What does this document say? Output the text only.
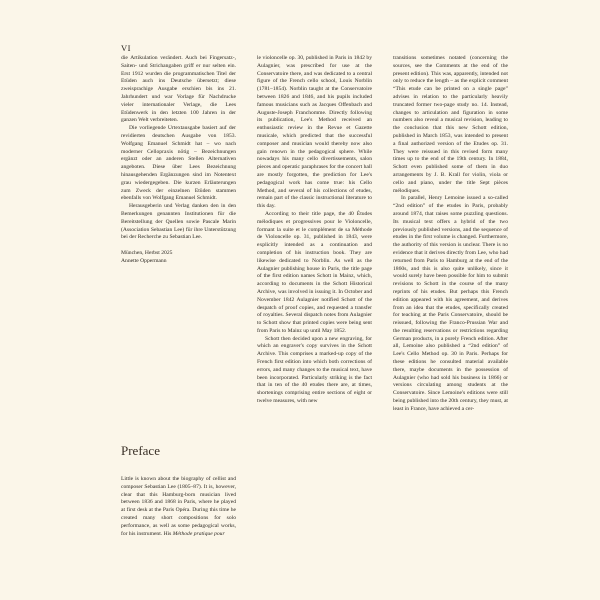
VI

die Artikulation verändert. Auch bei Fingersatz-, Saiten- und Strichangaben griff er nur selten ein. Erst 1912 wurden die programmatischen Titel der Etüden auch ins Deutsche übersetzt; diese zweisprachige Ausgabe erschien bis ins 21. Jahrhundert und war Vorlage für Nachdrucke vieler internationaler Verlage, die Lees Etüdenwerk in den letzten 100 Jahren in der ganzen Welt verbreiteten.

Die vorliegende Urtextausgabe basiert auf der revidierten deutschen Ausgabe von 1853. Wolfgang Emanuel Schmidt hat – wo nach moderner Cellopraxis nötig – Bezeichnungen ergänzt oder an anderen Stellen Alternativen angeboten. Diese über Lees Bezeichnung hinausgehenden Ergänzungen sind im Notentext grau wiedergegeben. Die kurzen Erläuterungen zum Zweck der einzelnen Etüden stammen ebenfalls von Wolfgang Emanuel Schmidt.

Herausgeberin und Verlag danken den in den Bemerkungen genannten Institutionen für die Bereitstellung der Quellen sowie Pascale Marin (Association Sebastian Lee) für ihre Unterstützung bei der Recherche zu Sebastian Lee.

München, Herbst 2025

Annette Oppermann

Preface

Little is known about the biography of cellist and composer Sebastian Lee (1805–87). It is, however, clear that this Hamburg-born musician lived between 1836 and 1868 in Paris, where he played at first desk at the Paris Opéra. During this time he created many short compositions for solo performance, as well as some pedagogical works, for his instrument. His Méthode pratique pour

le violoncelle op. 30, published in Paris in 1842 by Aulagnier, was prescribed for use at the Conservatoire there, and was dedicated to a central figure of the French cello school, Louis Norblin (1781–1854). Norblin taught at the Conservatoire between 1826 and 1846, and his pupils included famous musicians such as Jacques Offenbach and Auguste-Joseph Franchomme. Directly following its publication, Lee's Method received an enthusiastic review in the Revue et Gazette musicale, which predicted that the successful composer and musician would thereby now also gain renown in the pedagogical sphere. While nowadays his many cello divertissements, salon pieces and operatic paraphrases for the concert hall are mostly forgotten, the prediction for Lee's pedagogical work has come true: his Cello Method, and several of his collections of etudes, remain part of the classic instructional literature to this day.

According to their title page, the 40 Études mélodiques et progressives pour le Violoncelle, formant la suite et le complément de sa Méthode de Violoncelle op. 31, published in 1843, were explicitly intended as a continuation and completion of his instruction book. They are likewise dedicated to Norblin. As well as the Aulagnier publishing house in Paris, the title page of the first edition names Schott in Mainz, which, according to documents in the Schott Historical Archive, was involved in issuing it. In October and November 1842 Aulagnier notified Schott of the despatch of proof copies, and requested a transfer of royalties. Several dispatch notes from Aulagnier to Schott show that printed copies were being sent from Paris to Mainz up until May 1852.

Schott then decided upon a new engraving, for which an engraver's copy survives in the Schott Archive. This comprises a marked-up copy of the French first edition into which both corrections of errors, and many changes to the musical text, have been incorporated. Particularly striking is the fact that in ten of the 40 etudes there are, at times, shortenings comprising entire sections of eight or twelve measures, with new

transitions sometimes notated (concerning the sources, see the Comments at the end of the present edition). This was, apparently, intended not only to reduce the length – as the explicit comment “This etude can be printed on a single page” advises in relation to the particularly heavily truncated former two-page study no. 14. Instead, changes to articulation and figuration in some numbers also reveal a musical revision, leading to the conclusion that this new Schott edition, published in March 1853, was intended to present a final authorized version of the Etudes op. 31. They were reissued in this revised form many times up to the end of the 19th century. In 1884, Schott even published some of them in duo arrangements by J. B. Krall for violin, viola or cello and piano, under the title Sept pièces mélodiques.

In parallel, Henry Lemoine issued a so-called “2nd edition” of the etudes in Paris, probably around 1874, that raises some puzzling questions. Its musical text offers a hybrid of the two previously published versions, and the sequence of etudes in the first volume is changed. Furthermore, the authority of this version is unclear. There is no evidence that it derives directly from Lee, who had returned from Paris to Hamburg at the end of the 1860s, and this is also quite unlikely, since it would surely have been possible for him to submit revisions to Schott in the course of the many reprints of his etudes. But perhaps this French edition appeared with his agreement, and derives from an idea that the etudes, specifically created for teaching at the Paris Conservatoire, should be reissued, following the Franco-Prussian War and the resulting reservations or restrictions regarding German products, in a purely French edition. After all, Lemoine also published a “2nd edition” of Lee's Cello Method op. 30 in Paris. Perhaps for these editions he consulted material available there, maybe documents in the possession of Aulagnier (who had sold his business in 1866) or versions circulating among students at the Conservatoire. Since Lemoine's editions were still being published into the 20th century, they must, at least in France, have achieved a cer-
